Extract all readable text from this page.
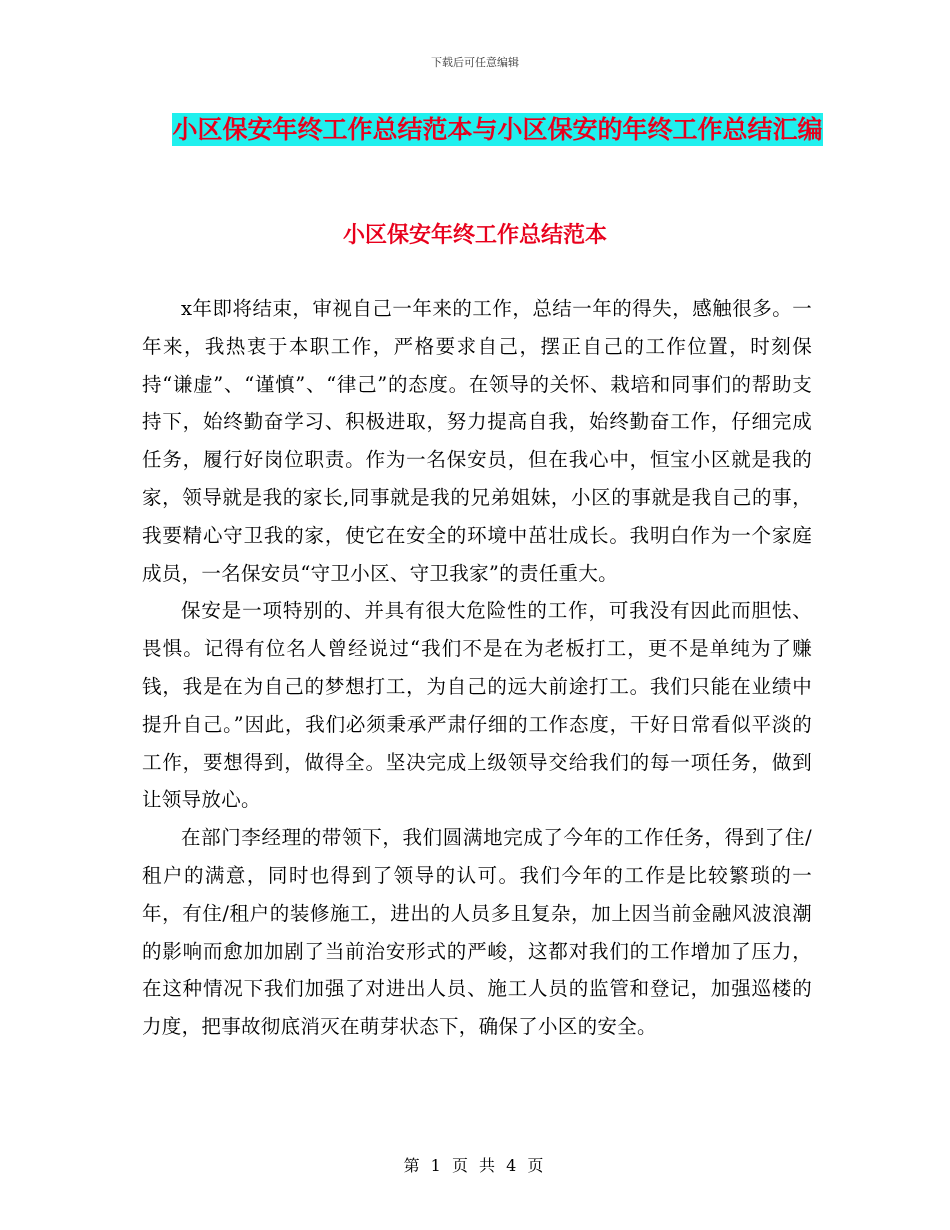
下载后可任意编辑
小区保安年终工作总结范本与小区保安的年终工作总结汇编
小区保安年终工作总结范本

x年即将结束，审视自己一年来的工作，总结一年的得失，感触很多。一年来，我热衷于本职工作，严格要求自己，摆正自己的工作位置，时刻保持“谦虚”、“谨慎”、“律己”的态度。在领导的关怀、栽培和同事们的帮助支持下，始终勤奋学习、积极进取，努力提高自我，始终勤奋工作，仔细完成任务，履行好岗位职责。作为一名保安员，但在我心中，恒宝小区就是我的家，领导就是我的家长,同事就是我的兄弟姐妹，小区的事就是我自己的事，我要精心守卫我的家，使它在安全的环境中茁壮成长。我明白作为一个家庭成员，一名保安员“守卫小区、守卫我家”的责任重大。

保安是一项特别的、并具有很大危险性的工作，可我没有因此而胆怯、畏惧。记得有位名人曾经说过“我们不是在为老板打工，更不是单纯为了赚钱，我是在为自己的梦想打工，为自己的远大前途打工。我们只能在业绩中提升自己。”因此，我们必须秉承严肃仔细的工作态度，干好日常看似平淡的工作，要想得到，做得全。坚决完成上级领导交给我们的每一项任务，做到让领导放心。

在部门李经理的带领下，我们圆满地完成了今年的工作任务，得到了住/租户的满意，同时也得到了领导的认可。我们今年的工作是比较繁琐的一年，有住/租户的装修施工，进出的人员多且复杂，加上因当前金融风波浪潮的影响而愈加加剧了当前治安形式的严峻，这都对我们的工作增加了压力，在这种情况下我们加强了对进出人员、施工人员的监管和登记，加强巡楼的力度，把事故彻底消灭在萌芽状态下，确保了小区的安全。

第 1 页 共 4 页
